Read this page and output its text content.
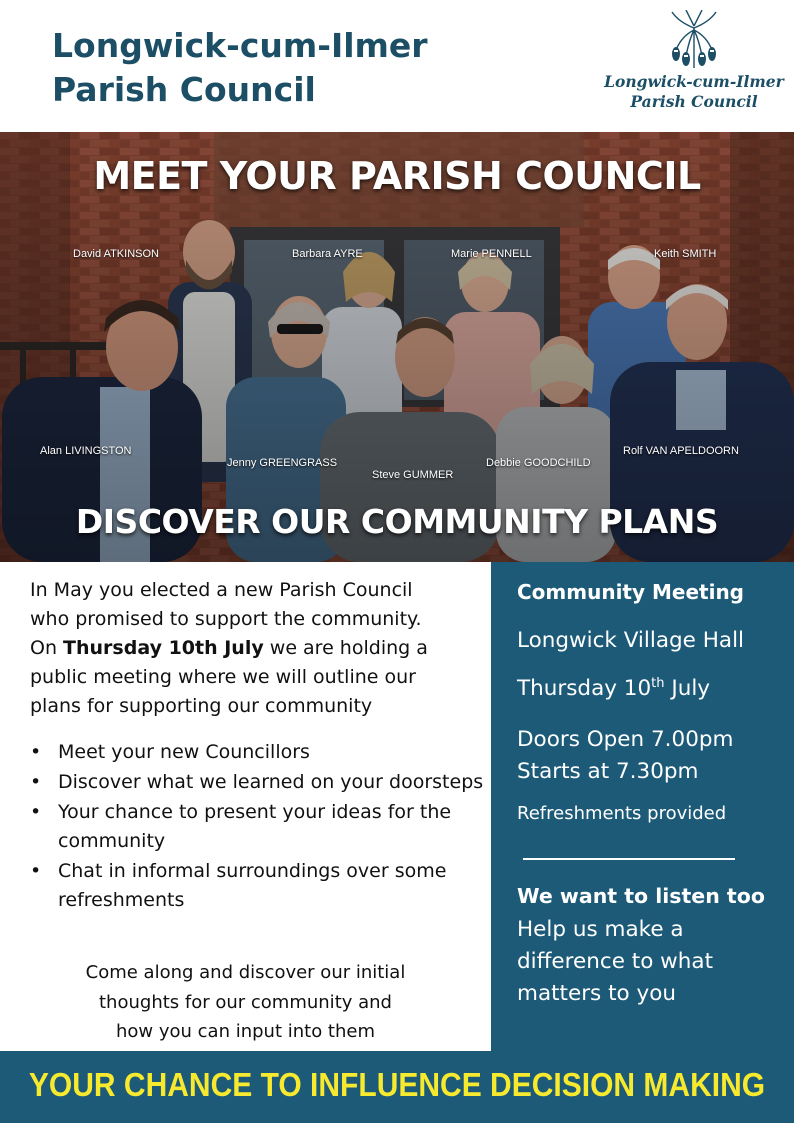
Longwick-cum-Ilmer
Parish Council	Longwick-cum-Ilmer
Parish Council
MEET YOUR PARISH COUNCIL
David ATKINSON	Barbara AYRE	Marie PENNELL	Keith SMITH
Alan LIVINGSTON
Jenny GREENGRASS
Steve GUMMER
Debbie GOODCHILD
Rolf VAN APELDOORN
DISCOVER OUR COMMUNITY PLANS
In May you elected a new Parish Council
who promised to support the community.
On Thursday 10th July we are holding a
public meeting where we will outline our
plans for supporting our community
• Meet your new Councillors
• Discover what we learned on your doorsteps
• Your chance to present your ideas for the community
• Chat in informal surroundings over some refreshments
Come along and discover our initial
thoughts for our community and
how you can input into them
Community Meeting
Longwick Village Hall
Thursday 10th July
Doors Open 7.00pm
Starts at 7.30pm
Refreshments provided
We want to listen too
Help us make a
difference to what
matters to you
YOUR CHANCE TO INFLUENCE DECISION MAKING
